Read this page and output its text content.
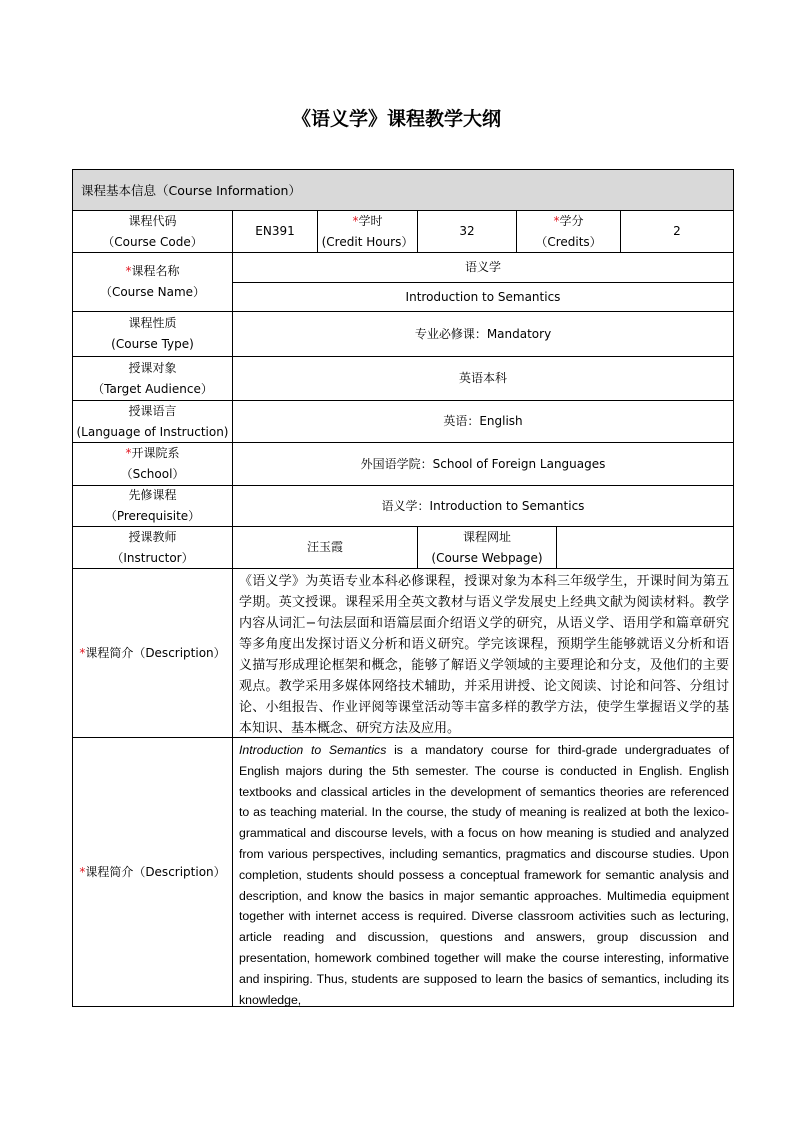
《语义学》课程教学大纲
课程基本信息（Course Information）
课程代码
（Course Code）
EN391
*学时
(Credit Hours）
32
*学分
（Credits）
2
*课程名称
（Course Name）
语义学
Introduction to Semantics
课程性质
(Course Type)
专业必修课：Mandatory
授课对象
（Target Audience）
英语本科
授课语言
(Language of Instruction)
英语：English
*开课院系
（School）
外国语学院：School of Foreign Languages
先修课程
（Prerequisite）
语义学：Introduction to Semantics
授课教师
（Instructor）
汪玉霞
课程网址
(Course Webpage)
*课程简介（Description）
《语义学》为英语专业本科必修课程，授课对象为本科三年级学生，开课时间为第五学期。英文授课。课程采用全英文教材与语义学发展史上经典文献为阅读材料。教学内容从词汇−句法层面和语篇层面介绍语义学的研究，从语义学、语用学和篇章研究等多角度出发探讨语义分析和语义研究。学完该课程，预期学生能够就语义分析和语义描写形成理论框架和概念，能够了解语义学领域的主要理论和分支，及他们的主要观点。教学采用多媒体网络技术辅助，并采用讲授、论文阅读、讨论和问答、分组讨论、小组报告、作业评阅等课堂活动等丰富多样的教学方法，使学生掌握语义学的基本知识、基本概念、研究方法及应用。
*课程简介（Description）
Introduction to Semantics is a mandatory course for third-grade undergraduates of English majors during the 5th semester. The course is conducted in English. English textbooks and classical articles in the development of semantics theories are referenced to as teaching material. In the course, the study of meaning is realized at both the lexico-grammatical and discourse levels, with a focus on how meaning is studied and analyzed from various perspectives, including semantics, pragmatics and discourse studies. Upon completion, students should possess a conceptual framework for semantic analysis and description, and know the basics in major semantic approaches. Multimedia equipment together with internet access is required. Diverse classroom activities such as lecturing, article reading and discussion, questions and answers, group discussion and presentation, homework combined together will make the course interesting, informative and inspiring. Thus, students are supposed to learn the basics of semantics, including its knowledge,
